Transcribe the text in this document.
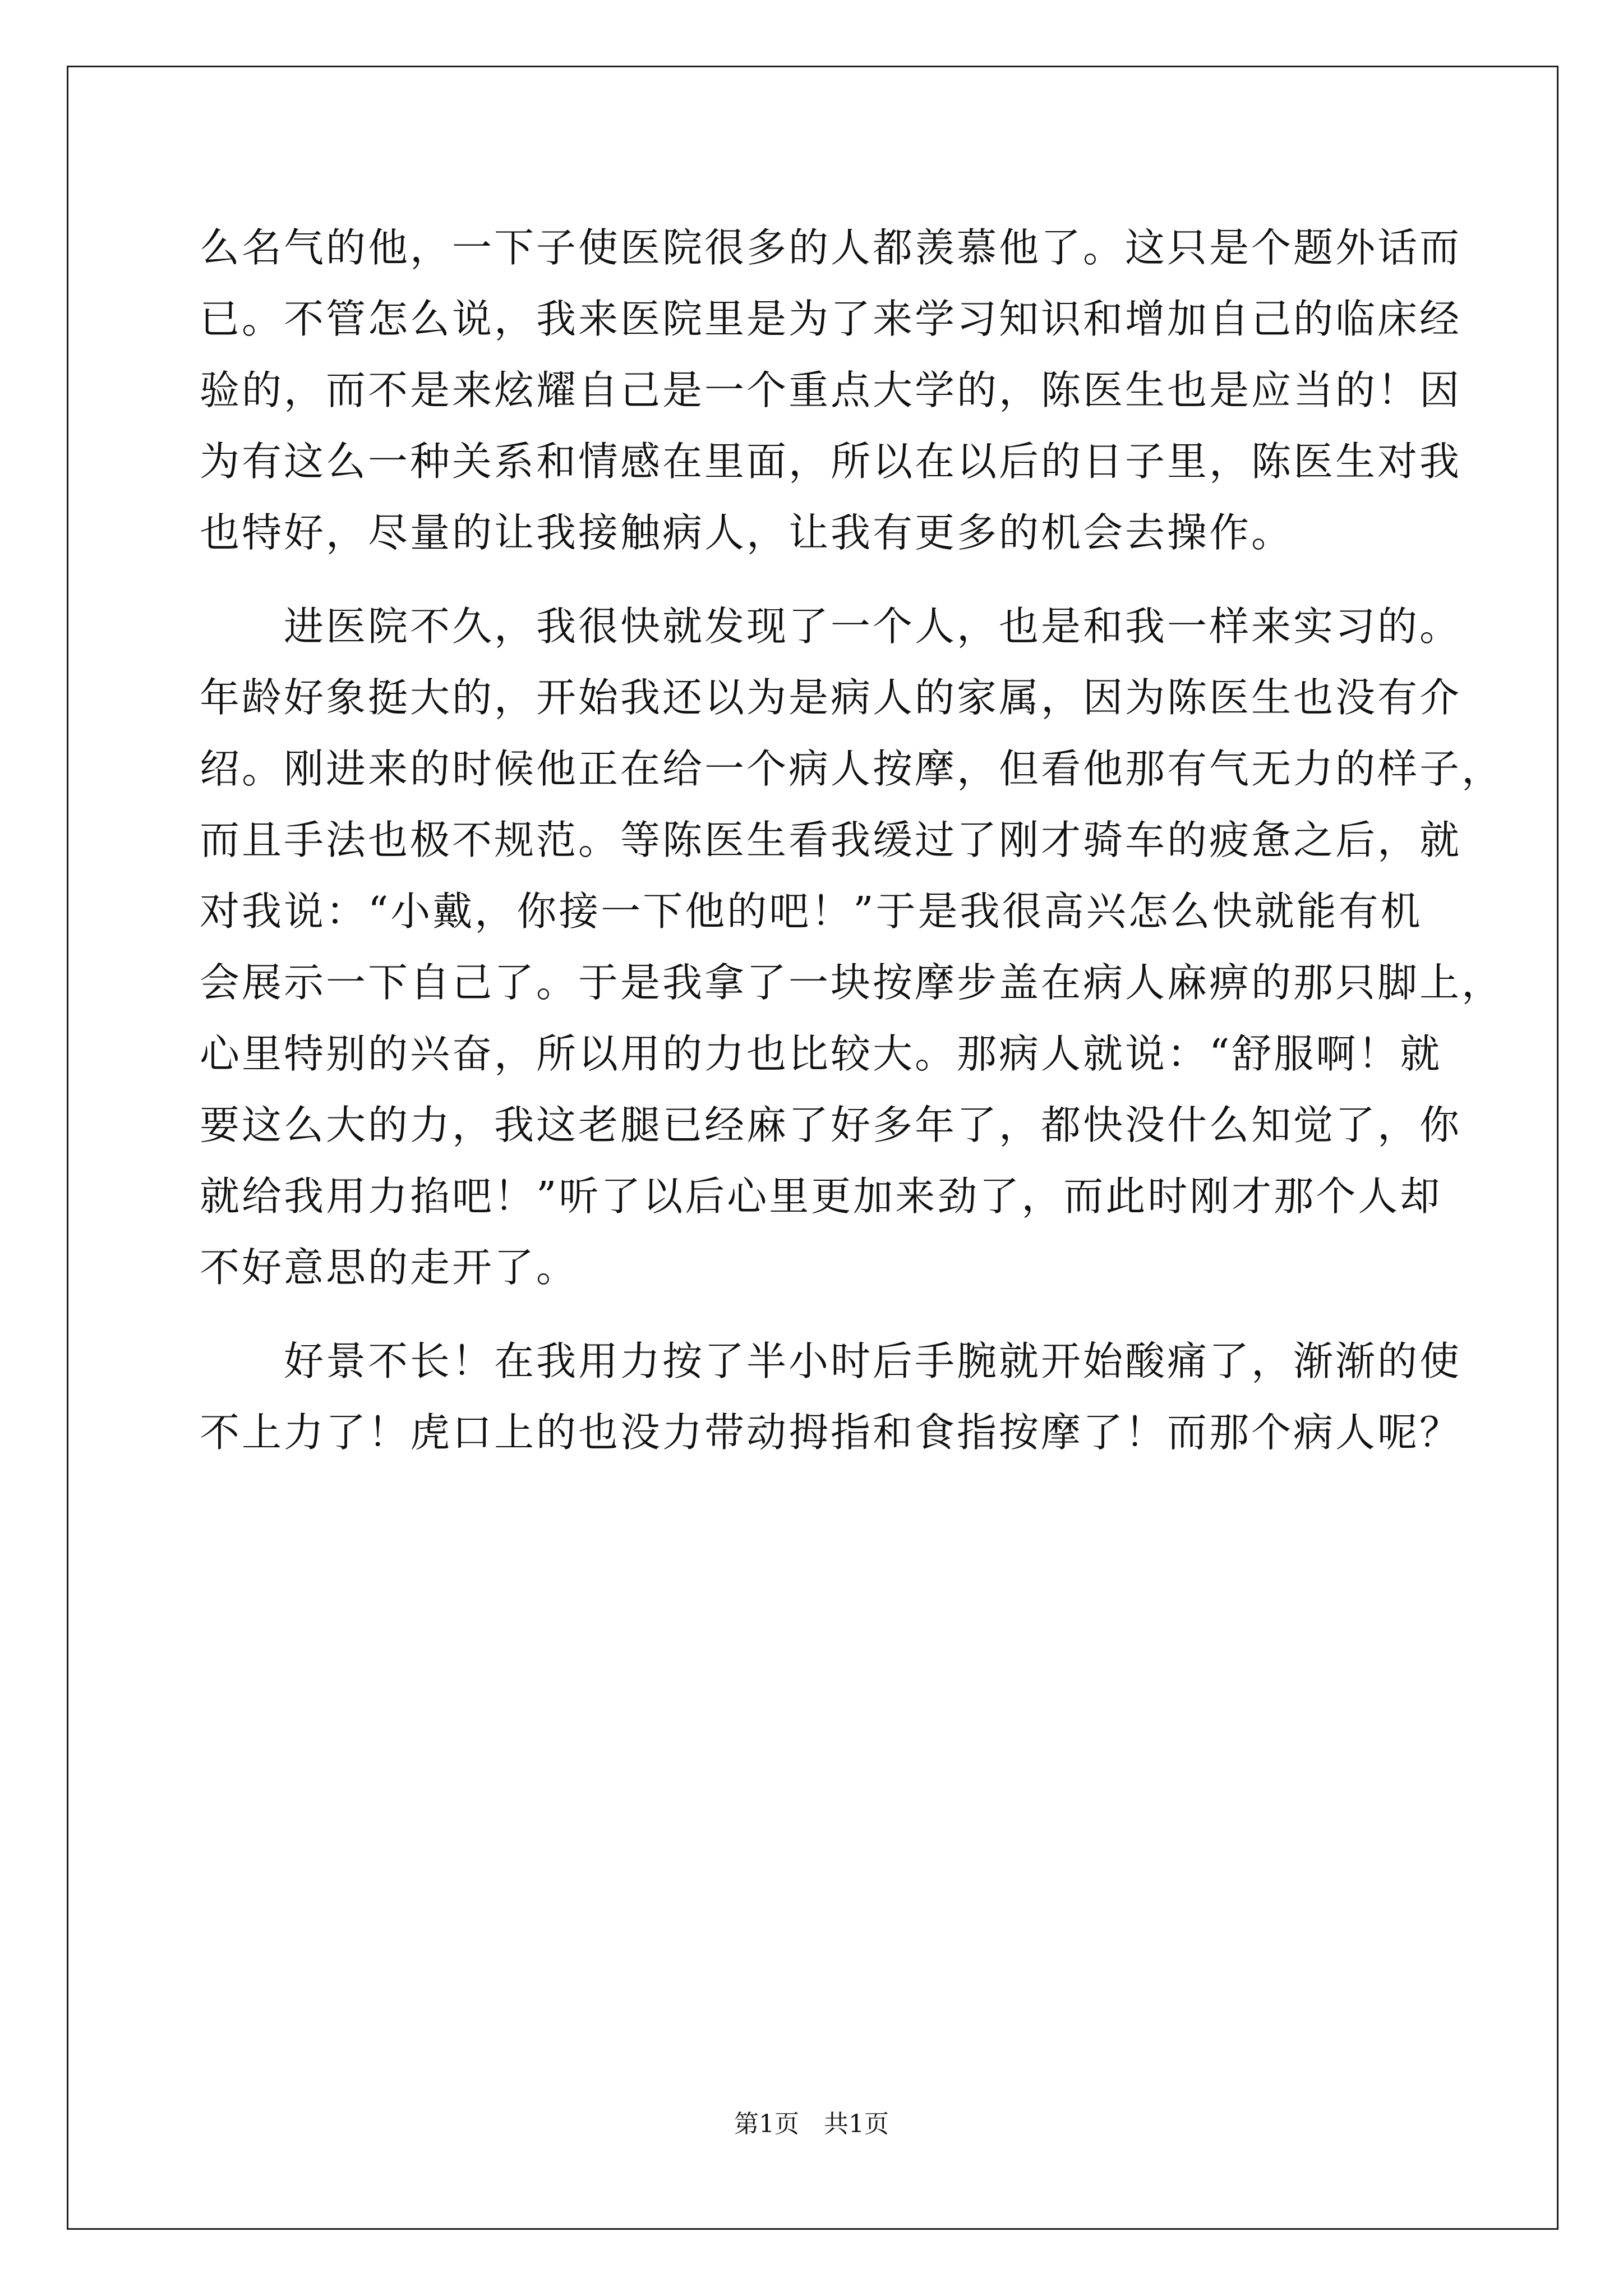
么名气的他，一下子使医院很多的人都羡慕他了。这只是个题外话而
已。不管怎么说，我来医院里是为了来学习知识和增加自己的临床经
验的，而不是来炫耀自己是一个重点大学的，陈医生也是应当的！因
为有这么一种关系和情感在里面，所以在以后的日子里，陈医生对我
也特好，尽量的让我接触病人，让我有更多的机会去操作。
　　进医院不久，我很快就发现了一个人，也是和我一样来实习的。
年龄好象挺大的，开始我还以为是病人的家属，因为陈医生也没有介
绍。刚进来的时候他正在给一个病人按摩，但看他那有气无力的样子，
而且手法也极不规范。等陈医生看我缓过了刚才骑车的疲惫之后，就
对我说：“小戴，你接一下他的吧！”于是我很高兴怎么快就能有机
会展示一下自己了。于是我拿了一块按摩步盖在病人麻痹的那只脚上，
心里特别的兴奋，所以用的力也比较大。那病人就说：“舒服啊！就
要这么大的力，我这老腿已经麻了好多年了，都快没什么知觉了，你
就给我用力掐吧！”听了以后心里更加来劲了，而此时刚才那个人却
不好意思的走开了。
　　好景不长！在我用力按了半小时后手腕就开始酸痛了，渐渐的使
不上力了！虎口上的也没力带动拇指和食指按摩了！而那个病人呢？
第1页　共1页
